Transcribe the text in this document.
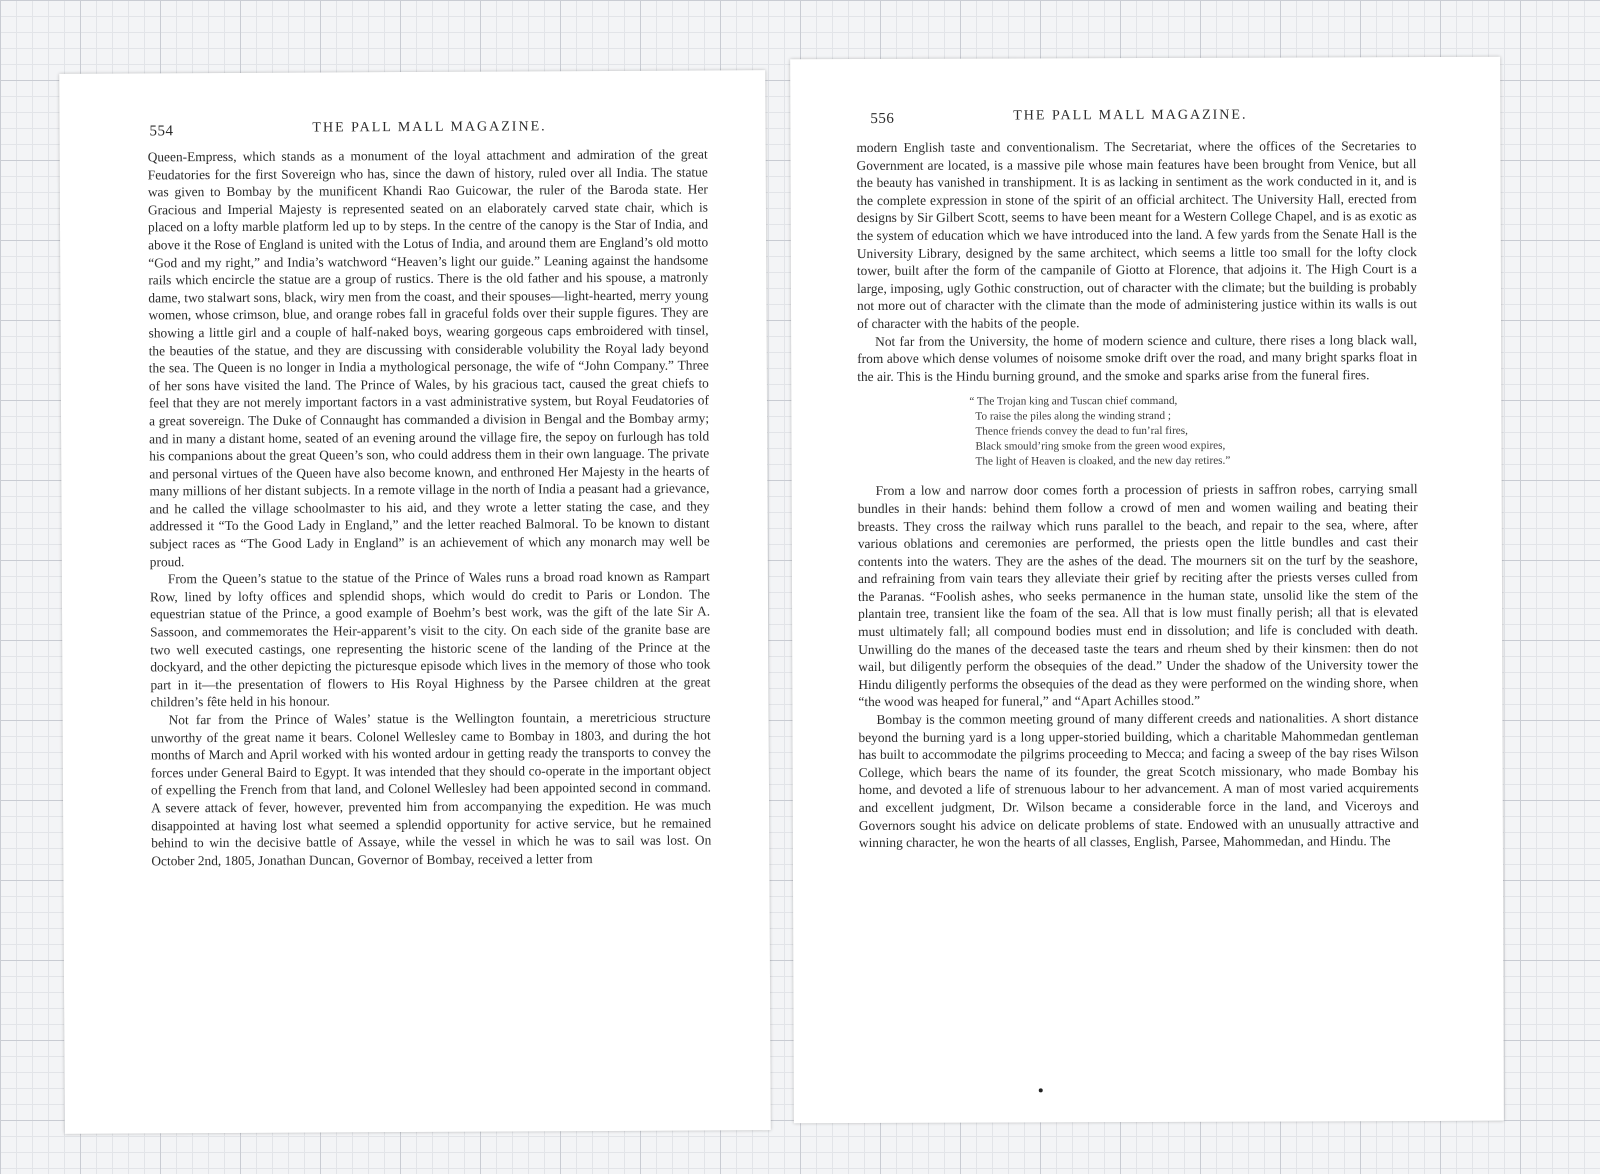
554	THE PALL MALL MAGAZINE.

Queen-Empress, which stands as a monument of the loyal attachment and admiration of the great Feudatories for the first Sovereign who has, since the dawn of history, ruled over all India. The statue was given to Bombay by the munificent Khandi Rao Guicowar, the ruler of the Baroda state. Her Gracious and Imperial Majesty is represented seated on an elaborately carved state chair, which is placed on a lofty marble platform led up to by steps. In the centre of the canopy is the Star of India, and above it the Rose of England is united with the Lotus of India, and around them are England’s old motto “God and my right,” and India’s watchword “Heaven’s light our guide.” Leaning against the handsome rails which encircle the statue are a group of rustics. There is the old father and his spouse, a matronly dame, two stalwart sons, black, wiry men from the coast, and their spouses—light-hearted, merry young women, whose crimson, blue, and orange robes fall in graceful folds over their supple figures. They are showing a little girl and a couple of half-naked boys, wearing gorgeous caps embroidered with tinsel, the beauties of the statue, and they are discussing with considerable volubility the Royal lady beyond the sea. The Queen is no longer in India a mythological personage, the wife of “John Company.” Three of her sons have visited the land. The Prince of Wales, by his gracious tact, caused the great chiefs to feel that they are not merely important factors in a vast administrative system, but Royal Feudatories of a great sovereign. The Duke of Connaught has commanded a division in Bengal and the Bombay army; and in many a distant home, seated of an evening around the village fire, the sepoy on furlough has told his companions about the great Queen’s son, who could address them in their own language. The private and personal virtues of the Queen have also become known, and enthroned Her Majesty in the hearts of many millions of her distant subjects. In a remote village in the north of India a peasant had a grievance, and he called the village schoolmaster to his aid, and they wrote a letter stating the case, and they addressed it “To the Good Lady in England,” and the letter reached Balmoral. To be known to distant subject races as “The Good Lady in England” is an achievement of which any monarch may well be proud.

From the Queen’s statue to the statue of the Prince of Wales runs a broad road known as Rampart Row, lined by lofty offices and splendid shops, which would do credit to Paris or London. The equestrian statue of the Prince, a good example of Boehm’s best work, was the gift of the late Sir A. Sassoon, and commemorates the Heir-apparent’s visit to the city. On each side of the granite base are two well executed castings, one representing the historic scene of the landing of the Prince at the dockyard, and the other depicting the picturesque episode which lives in the memory of those who took part in it—the presentation of flowers to His Royal Highness by the Parsee children at the great children’s fête held in his honour.

Not far from the Prince of Wales’ statue is the Wellington fountain, a meretricious structure unworthy of the great name it bears. Colonel Wellesley came to Bombay in 1803, and during the hot months of March and April worked with his wonted ardour in getting ready the transports to convey the forces under General Baird to Egypt. It was intended that they should co-operate in the important object of expelling the French from that land, and Colonel Wellesley had been appointed second in command. A severe attack of fever, however, prevented him from accompanying the expedition. He was much disappointed at having lost what seemed a splendid opportunity for active service, but he remained behind to win the decisive battle of Assaye, while the vessel in which he was to sail was lost. On October 2nd, 1805, Jonathan Duncan, Governor of Bombay, received a letter from

556	THE PALL MALL MAGAZINE.

modern English taste and conventionalism. The Secretariat, where the offices of the Secretaries to Government are located, is a massive pile whose main features have been brought from Venice, but all the beauty has vanished in transhipment. It is as lacking in sentiment as the work conducted in it, and is the complete expression in stone of the spirit of an official architect. The University Hall, erected from designs by Sir Gilbert Scott, seems to have been meant for a Western College Chapel, and is as exotic as the system of education which we have introduced into the land. A few yards from the Senate Hall is the University Library, designed by the same architect, which seems a little too small for the lofty clock tower, built after the form of the campanile of Giotto at Florence, that adjoins it. The High Court is a large, imposing, ugly Gothic construction, out of character with the climate; but the building is probably not more out of character with the climate than the mode of administering justice within its walls is out of character with the habits of the people.

Not far from the University, the home of modern science and culture, there rises a long black wall, from above which dense volumes of noisome smoke drift over the road, and many bright sparks float in the air. This is the Hindu burning ground, and the smoke and sparks arise from the funeral fires.

“ The Trojan king and Tuscan chief command,
To raise the piles along the winding strand ;
Thence friends convey the dead to fun’ral fires,
Black smould’ring smoke from the green wood expires,
The light of Heaven is cloaked, and the new day retires.”

From a low and narrow door comes forth a procession of priests in saffron robes, carrying small bundles in their hands: behind them follow a crowd of men and women wailing and beating their breasts. They cross the railway which runs parallel to the beach, and repair to the sea, where, after various oblations and ceremonies are performed, the priests open the little bundles and cast their contents into the waters. They are the ashes of the dead. The mourners sit on the turf by the seashore, and refraining from vain tears they alleviate their grief by reciting after the priests verses culled from the Paranas. “Foolish ashes, who seeks permanence in the human state, unsolid like the stem of the plantain tree, transient like the foam of the sea. All that is low must finally perish; all that is elevated must ultimately fall; all compound bodies must end in dissolution; and life is concluded with death. Unwilling do the manes of the deceased taste the tears and rheum shed by their kinsmen: then do not wail, but diligently perform the obsequies of the dead.” Under the shadow of the University tower the Hindu diligently performs the obsequies of the dead as they were performed on the winding shore, when “the wood was heaped for funeral,” and “Apart Achilles stood.”

Bombay is the common meeting ground of many different creeds and nationalities. A short distance beyond the burning yard is a long upper-storied building, which a charitable Mahommedan gentleman has built to accommodate the pilgrims proceeding to Mecca; and facing a sweep of the bay rises Wilson College, which bears the name of its founder, the great Scotch missionary, who made Bombay his home, and devoted a life of strenuous labour to her advancement. A man of most varied acquirements and excellent judgment, Dr. Wilson became a considerable force in the land, and Viceroys and Governors sought his advice on delicate problems of state. Endowed with an unusually attractive and winning character, he won the hearts of all classes, English, Parsee, Mahommedan, and Hindu. The
